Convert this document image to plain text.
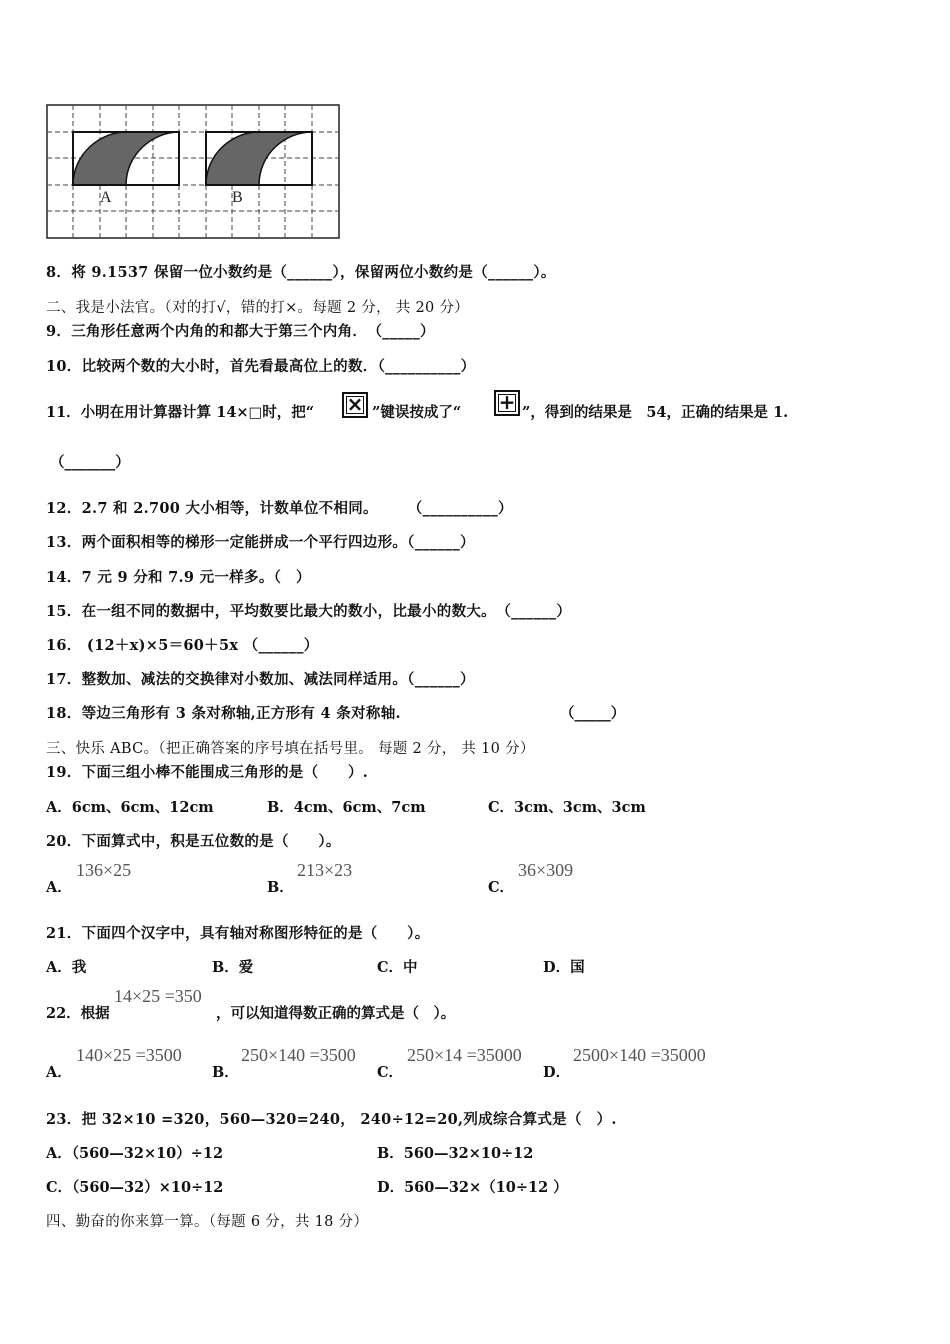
A	B
8．将 9.1537 保留一位小数约是（______），保留两位小数约是（______）。
二、我是小法官。（对的打√，错的打×。每题 2 分， 共 20 分）
9．三角形任意两个内角的和都大于第三个内角．　（_____）
10．比较两个数的大小时，首先看最高位上的数．（__________）
11．小明在用计算器计算 14×□时，把“ × ”键误按成了“ + ”，得到的结果是　54，正确的结果是 1.
（_______）
12．2.7 和 2.700 大小相等，计数单位不相同。　　　（__________）
13．两个面积相等的梯形一定能拼成一个平行四边形。（______）
14．7 元 9 分和 7.9 元一样多。（　）
15．在一组不同的数据中，平均数要比最大的数小，比最小的数大。　（______）
16． (12＋x)×5＝60＋5x （______）
17．整数加、减法的交换律对小数加、减法同样适用。（______）
18．等边三角形有 3 条对称轴,正方形有 4 条对称轴.	（_____）
三、快乐 ABC。（把正确答案的序号填在括号里。 每题 2 分， 共 10 分）
19．下面三组小棒不能围成三角形的是（　　）.
A．6cm、6cm、12cm	B．4cm、6cm、7cm	C．3cm、3cm、3cm
20．下面算式中，积是五位数的是（　　）。
A．
136×25
B．
213×23
C．
36×309
21．下面四个汉字中，具有轴对称图形特征的是（　　）。
A．我	B．爱	C．中	D．国
22．根据
14×25 =350
，可以知道得数正确的算式是（　）。
A．
140×25 =3500
B．
250×140 =3500
C．
250×14 =35000
D．
2500×140 =35000
23．把 32×10 =320，560—320=240， 240÷12=20,列成综合算式是（　）.
A．（560—32×10）÷12	B．560—32×10÷12
C．（560—32）×10÷12	D．560—32×（10÷12 ）
四、勤奋的你来算一算。（每题 6 分，共 18 分）
